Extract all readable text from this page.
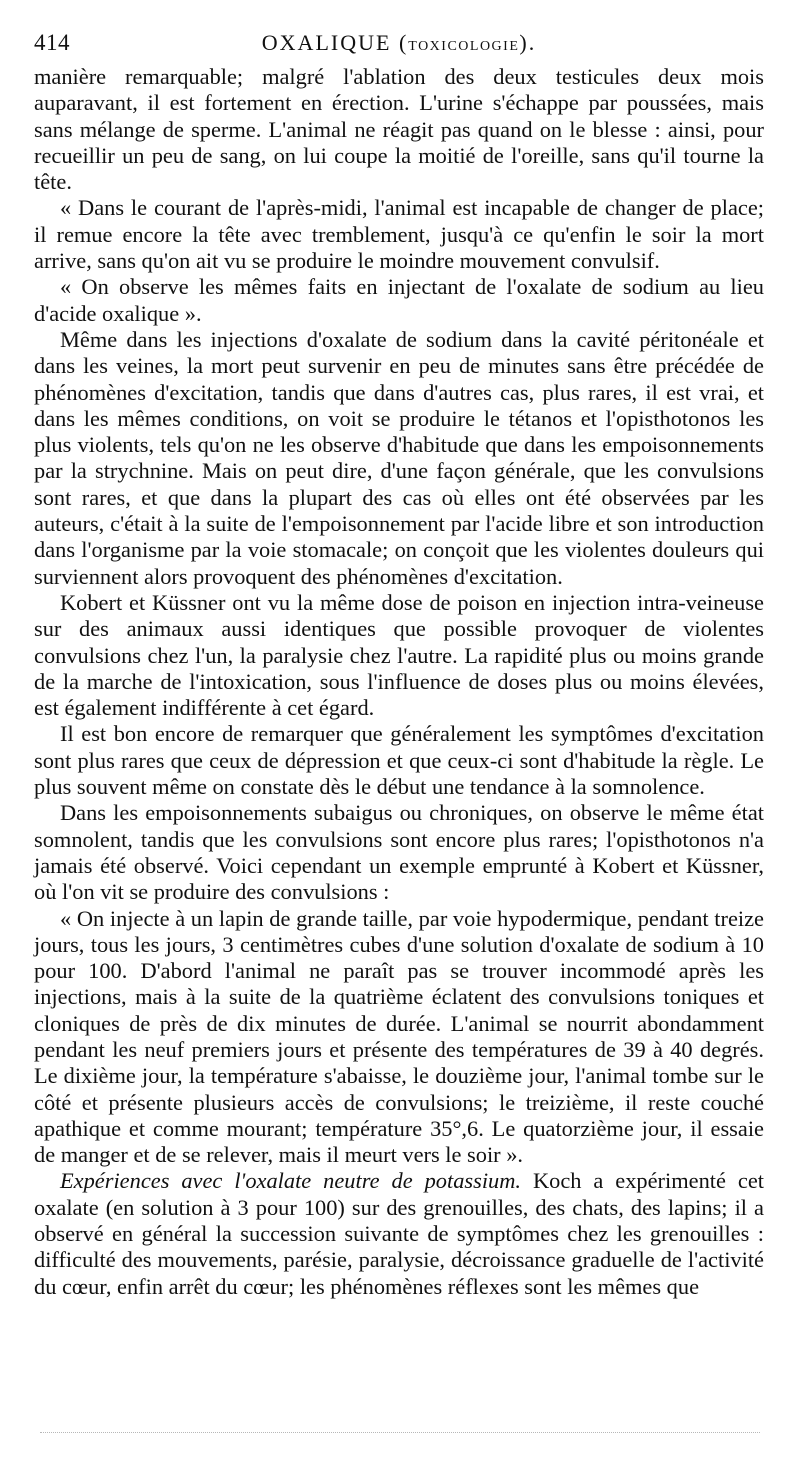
414	OXALIQUE (TOXICOLOGIE).

manière remarquable; malgré l'ablation des deux testicules deux mois auparavant, il est fortement en érection. L'urine s'échappe par poussées, mais sans mélange de sperme. L'animal ne réagit pas quand on le blesse : ainsi, pour recueillir un peu de sang, on lui coupe la moitié de l'oreille, sans qu'il tourne la tête.

« Dans le courant de l'après-midi, l'animal est incapable de changer de place; il remue encore la tête avec tremblement, jusqu'à ce qu'enfin le soir la mort arrive, sans qu'on ait vu se produire le moindre mouvement convulsif.

« On observe les mêmes faits en injectant de l'oxalate de sodium au lieu d'acide oxalique ».

Même dans les injections d'oxalate de sodium dans la cavité péritonéale et dans les veines, la mort peut survenir en peu de minutes sans être précédée de phénomènes d'excitation, tandis que dans d'autres cas, plus rares, il est vrai, et dans les mêmes conditions, on voit se produire le tétanos et l'opisthotonos les plus violents, tels qu'on ne les observe d'habitude que dans les empoisonnements par la strychnine. Mais on peut dire, d'une façon générale, que les convulsions sont rares, et que dans la plupart des cas où elles ont été observées par les auteurs, c'était à la suite de l'empoisonnement par l'acide libre et son introduction dans l'organisme par la voie stomacale; on conçoit que les violentes douleurs qui surviennent alors provoquent des phénomènes d'excitation.

Kobert et Küssner ont vu la même dose de poison en injection intra-veineuse sur des animaux aussi identiques que possible provoquer de violentes convulsions chez l'un, la paralysie chez l'autre. La rapidité plus ou moins grande de la marche de l'intoxication, sous l'influence de doses plus ou moins élevées, est également indifférente à cet égard.

Il est bon encore de remarquer que généralement les symptômes d'excitation sont plus rares que ceux de dépression et que ceux-ci sont d'habitude la règle. Le plus souvent même on constate dès le début une tendance à la somnolence.

Dans les empoisonnements subaigus ou chroniques, on observe le même état somnolent, tandis que les convulsions sont encore plus rares; l'opisthotonos n'a jamais été observé. Voici cependant un exemple emprunté à Kobert et Küssner, où l'on vit se produire des convulsions :

« On injecte à un lapin de grande taille, par voie hypodermique, pendant treize jours, tous les jours, 3 centimètres cubes d'une solution d'oxalate de sodium à 10 pour 100. D'abord l'animal ne paraît pas se trouver incommodé après les injections, mais à la suite de la quatrième éclatent des convulsions toniques et cloniques de près de dix minutes de durée. L'animal se nourrit abondamment pendant les neuf premiers jours et présente des températures de 39 à 40 degrés. Le dixième jour, la température s'abaisse, le douzième jour, l'animal tombe sur le côté et présente plusieurs accès de convulsions; le treizième, il reste couché apathique et comme mourant; température 35°,6. Le quatorzième jour, il essaie de manger et de se relever, mais il meurt vers le soir ».

Expériences avec l'oxalate neutre de potassium. Koch a expérimenté cet oxalate (en solution à 3 pour 100) sur des grenouilles, des chats, des lapins; il a observé en général la succession suivante de symptômes chez les grenouilles : difficulté des mouvements, parésie, paralysie, décroissance graduelle de l'activité du cœur, enfin arrêt du cœur; les phénomènes réflexes sont les mêmes que
